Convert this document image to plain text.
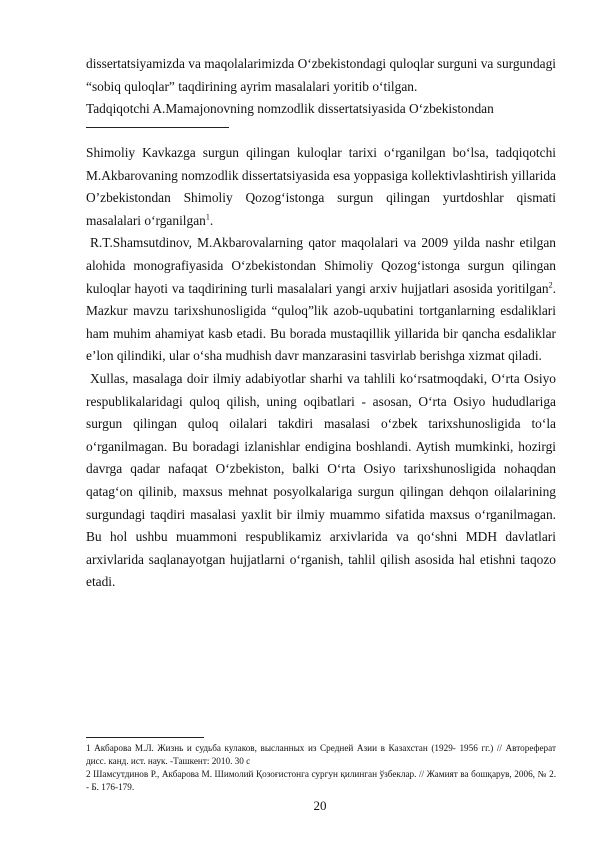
dissertatsiyamizda va maqolalarimizda O‘zbekistondagi quloqlar surguni va surgundagi “sobiq quloqlar” taqdirining ayrim masalalari yoritib o‘tilgan.

Tadqiqotchi A.Mamajonovning nomzodlik dissertatsiyasida O‘zbekistondan

Shimoliy Kavkazga surgun qilingan kuloqlar tarixi o‘rganilgan bo‘lsa, tadqiqotchi M.Akbarovaning nomzodlik dissertatsiyasida esa yoppasiga kollektivlashtirish yillarida O’zbekistondan Shimoliy Qozog‘istonga surgun qilingan yurtdoshlar qismati masalalari o‘rganilgan$^1$.

R.T.Shamsutdinov, M.Akbarovalarning qator maqolalari va 2009 yilda nashr etilgan alohida monografiyasida O‘zbekistondan Shimoliy Qozog‘istonga surgun qilingan kuloqlar hayoti va taqdirining turli masalalari yangi arxiv hujjatlari asosida yoritilgan$^2$. Mazkur mavzu tarixshunosligida “quloq”lik azob-uqubatini tortganlarning esdaliklari ham muhim ahamiyat kasb etadi. Bu borada mustaqillik yillarida bir qancha esdaliklar e’lon qilindiki, ular o‘sha mudhish davr manzarasini tasvirlab berishga xizmat qiladi.

Xullas, masalaga doir ilmiy adabiyotlar sharhi va tahlili ko‘rsatmoqdaki, O‘rta Osiyo respublikalaridagi quloq qilish, uning oqibatlari - asosan, O‘rta Osiyo hududlariga surgun qilingan quloq oilalari takdiri masalasi o‘zbek tarixshunosligida to‘la o‘rganilmagan. Bu boradagi izlanishlar endigina boshlandi. Aytish mumkinki, hozirgi davrga qadar nafaqat O‘zbekiston, balki O‘rta Osiyo tarixshunosligida nohaqdan qatag‘on qilinib, maxsus mehnat posyolkalariga surgun qilingan dehqon oilalarining surgundagi taqdiri masalasi yaxlit bir ilmiy muammo sifatida maxsus o‘rganilmagan. Bu hol ushbu muammoni respublikamiz arxivlarida va qo‘shni MDH davlatlari arxivlarida saqlanayotgan hujjatlarni o‘rganish, tahlil qilish asosida hal etishni taqozo etadi.

1 Акбарова М.Л. Жизнь и судьба кулаков, высланных из Средней Азии в Казахстан (1929- 1956 гг.) // Автореферат дисс. канд. ист. наук. -Ташкент: 2010. 30 с

2 Шамсутдинов Р., Акбарова М. Шимолий Қозоғистонга сургун қилинган ўзбеклар. // Жамият ва бошқарув, 2006, № 2. - Б. 176-179.

20
